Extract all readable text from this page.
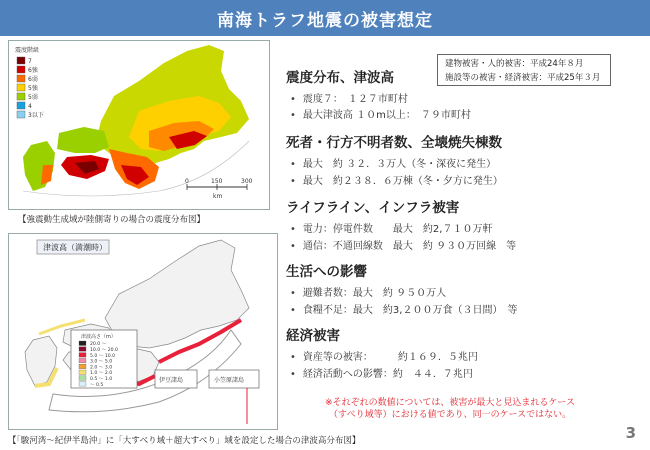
南海トラフ地震の被害想定
震度階級
7
6強
6弱
5強
5弱
4
3以下
0	150	300
km
【強震動生成域が陸側寄りの場合の震度分布図】
津波高（満潮時）
津波高さ（m）
20.0 ～
10.0 ～ 20.0
5.0 ～ 10.0
3.0 ～ 5.0
2.0 ～ 3.0
1.0 ～ 2.0
0.5 ～ 1.0
～ 0.5
伊豆諸島	小笠原諸島
【「駿河湾～紀伊半島沖」に「大すべり域＋超大すべり」域を設定した場合の津波高分布図】
建物被害・人的被害：平成24年８月
施設等の被害・経済被害：平成25年３月
震度分布、津波高
• 震度７：　１２７市町村
• 最大津波高 １０m以上：　７９市町村
死者・行方不明者数、全壊焼失棟数
• 最大　約 ３２．３万人（冬・深夜に発生）
• 最大　約２３８．６万棟（冬・夕方に発生）
ライフライン、インフラ被害
• 電力：停電件数　　最大　約2,７１０万軒
• 通信：不通回線数　最大　約 ９３０万回線　等
生活への影響
• 避難者数：最大　約 ９５０万人
• 食糧不足：最大　約3,２００万食（３日間）　等
経済被害
• 資産等の被害：　　　約１６９．５兆円
• 経済活動への影響：約　４４．７兆円
※それぞれの数値については、被害が最大と見込まれるケース
（すべり域等）における値であり、同一のケースではない。
3
